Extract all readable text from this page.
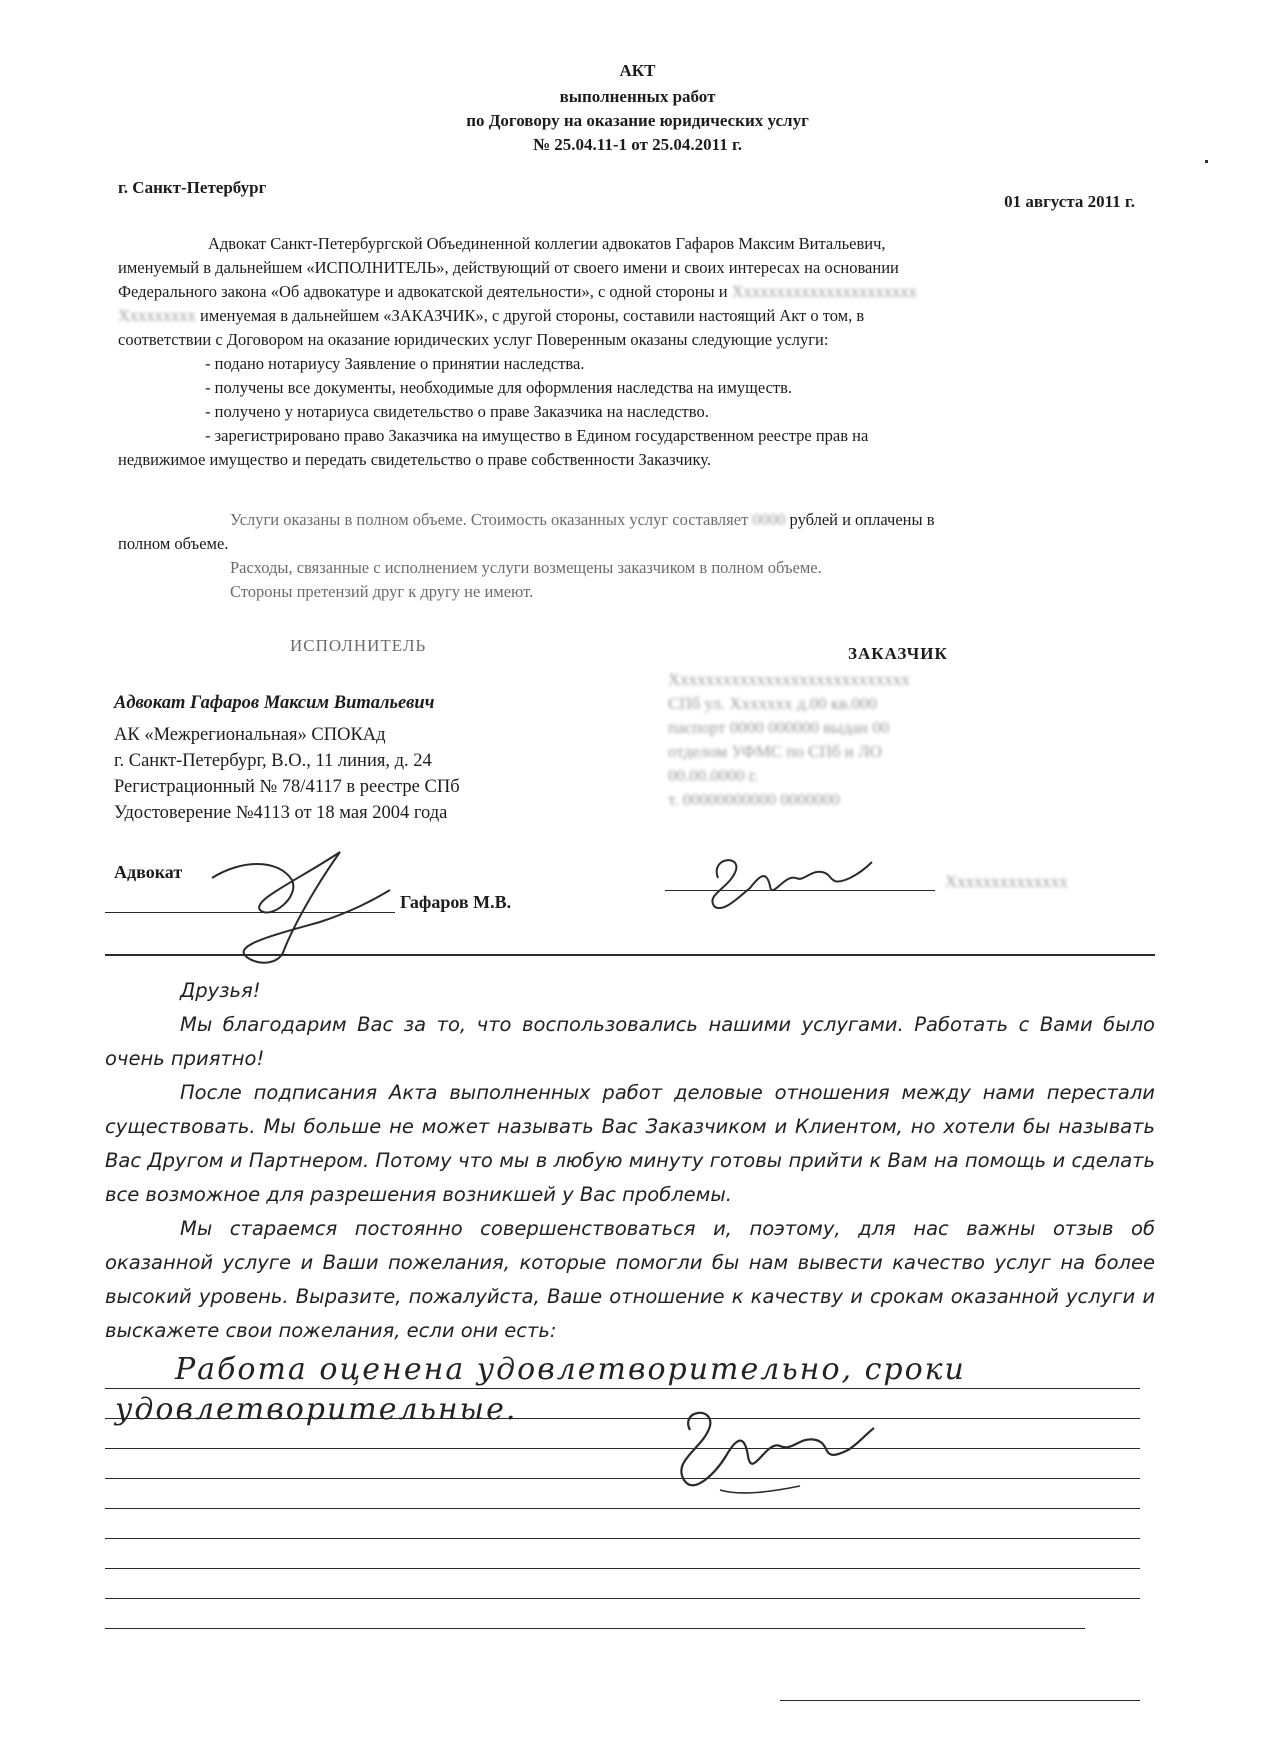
АКТ
выполненных работ
по Договору на оказание юридических услуг
№ 25.04.11-1 от 25.04.2011 г.
г. Санкт-Петербург
01 августа 2011 г.
Адвокат Санкт-Петербургской Объединенной коллегии адвокатов Гафаров Максим Витальевич,
именуемый в дальнейшем «ИСПОЛНИТЕЛЬ», действующий от своего имени и своих интересах на основании
Федерального закона «Об адвокатуре и адвокатской деятельности», с одной стороны и Хххххххххххххххххххххх
Ххххххххх именуемая в дальнейшем «ЗАКАЗЧИК», с другой стороны, составили настоящий Акт о том, в
соответствии с Договором на оказание юридических услуг Поверенным оказаны следующие услуги:
- подано нотариусу Заявление о принятии наследства.
- получены все документы, необходимые для оформления наследства на имуществ.
- получено у нотариуса свидетельство о праве Заказчика на наследство.
- зарегистрировано право Заказчика на имущество в Едином государственном реестре прав на
недвижимое имущество и передать свидетельство о праве собственности Заказчику.
Услуги оказаны в полном объеме. Стоимость оказанных услуг составляет 0000 рублей и оплачены в
полном объеме.
Расходы, связанные с исполнением услуги возмещены заказчиком в полном объеме.
Стороны претензий друг к другу не имеют.
ИСПОЛНИТЕЛЬ	ЗАКАЗЧИК
Адвокат Гафаров Максим Витальевич
АК «Межрегиональная» СПОКАд
г. Санкт-Петербург, В.О., 11 линия, д. 24
Регистрационный № 78/4117 в реестре СПб
Удостоверение №4113 от 18 мая 2004 года
Хххххххххххххххххххххххххххх
СПб ул. Ххххххх д.00 кв.000
паспорт 0000 000000 выдан 00
отделом УФМС по СПб и ЛО
00.00.0000 г.
т. 00000000000 0000000
Адвокат
Гафаров М.В.
Хххххххххххххх

Друзья!

Мы благодарим Вас за то, что воспользовались нашими услугами. Работать с Вами было очень приятно!

После подписания Акта выполненных работ деловые отношения между нами перестали существовать. Мы больше не может называть Вас Заказчиком и Клиентом, но хотели бы называть Вас Другом и Партнером. Потому что мы в любую минуту готовы прийти к Вам на помощь и сделать все возможное для разрешения возникшей у Вас проблемы.

Мы стараемся постоянно совершенствоваться и, поэтому, для нас важны отзыв об оказанной услуге и Ваши пожелания, которые помогли бы нам вывести качество услуг на более высокий уровень. Выразите, пожалуйста, Ваше отношение к качеству и срокам оказанной услуги и выскажете свои пожелания, если они есть:

Работа оценена удовлетворительно, сроки
удовлетворительные.
